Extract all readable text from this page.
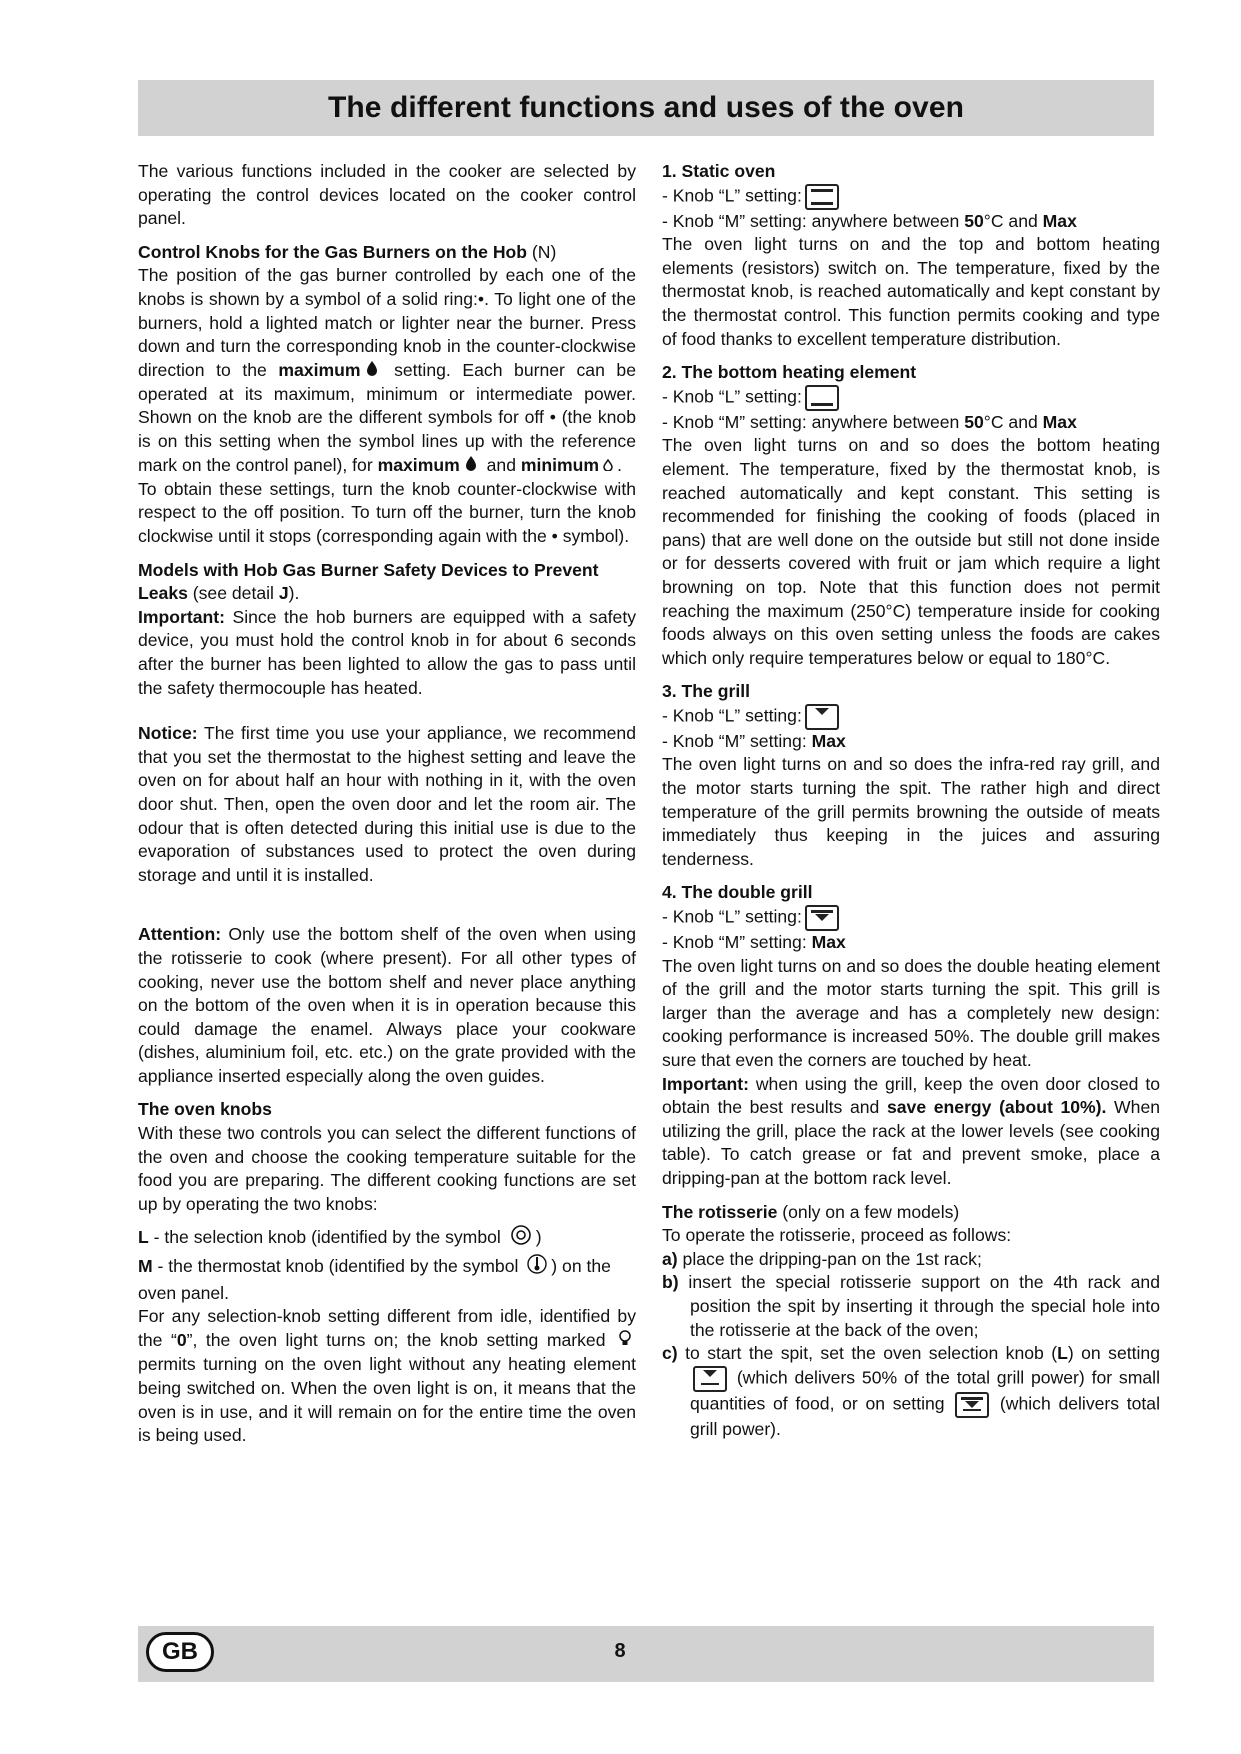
The different functions and uses of the oven

The various functions included in the cooker are selected by operating the control devices located on the cooker control panel.

Control Knobs for the Gas Burners on the Hob (N)

The position of the gas burner controlled by each one of the knobs is shown by a symbol of a solid ring:•. To light one of the burners, hold a lighted match or lighter near the burner. Press down and turn the corresponding knob in the counter-clockwise direction to the maximum setting. Each burner can be operated at its maximum, minimum or intermediate power. Shown on the knob are the different symbols for off • (the knob is on this setting when the symbol lines up with the reference mark on the control panel), for maximum and minimum .

To obtain these settings, turn the knob counter-clockwise with respect to the off position. To turn off the burner, turn the knob clockwise until it stops (corresponding again with the • symbol).

Models with Hob Gas Burner Safety Devices to Prevent Leaks (see detail J).

Important: Since the hob burners are equipped with a safety device, you must hold the control knob in for about 6 seconds after the burner has been lighted to allow the gas to pass until the safety thermocouple has heated.

Notice: The first time you use your appliance, we recommend that you set the thermostat to the highest setting and leave the oven on for about half an hour with nothing in it, with the oven door shut. Then, open the oven door and let the room air. The odour that is often detected during this initial use is due to the evaporation of substances used to protect the oven during storage and until it is installed.

Attention: Only use the bottom shelf of the oven when using the rotisserie to cook (where present). For all other types of cooking, never use the bottom shelf and never place anything on the bottom of the oven when it is in operation because this could damage the enamel. Always place your cookware (dishes, aluminium foil, etc. etc.) on the grate provided with the appliance inserted especially along the oven guides.

The oven knobs

With these two controls you can select the different functions of the oven and choose the cooking temperature suitable for the food you are preparing. The different cooking functions are set up by operating the two knobs:

L - the selection knob (identified by the symbol )

M - the thermostat knob (identified by the symbol ) on the oven panel.

For any selection-knob setting different from idle, identified by the “0”, the oven light turns on; the knob setting marked  permits turning on the oven light without any heating element being switched on. When the oven light is on, it means that the oven is in use, and it will remain on for the entire time the oven is being used.

1. Static oven

- Knob “L” setting:

- Knob “M” setting: anywhere between 50°C and Max

The oven light turns on and the top and bottom heating elements (resistors) switch on. The temperature, fixed by the thermostat knob, is reached automatically and kept constant by the thermostat control. This function permits cooking and type of food thanks to excellent temperature distribution.

2. The bottom heating element

- Knob “L” setting:

- Knob “M” setting: anywhere between 50°C and Max

The oven light turns on and so does the bottom heating element. The temperature, fixed by the thermostat knob, is reached automatically and kept constant. This setting is recommended for finishing the cooking of foods (placed in pans) that are well done on the outside but still not done inside or for desserts covered with fruit or jam which require a light browning on top. Note that this function does not permit reaching the maximum (250°C) temperature inside for cooking foods always on this oven setting unless the foods are cakes which only require temperatures below or equal to 180°C.

3. The grill

- Knob “L” setting:

- Knob “M” setting: Max

The oven light turns on and so does the infra-red ray grill, and the motor starts turning the spit. The rather high and direct temperature of the grill permits browning the outside of meats immediately thus keeping in the juices and assuring tenderness.

4. The double grill

- Knob “L” setting:

- Knob “M” setting: Max

The oven light turns on and so does the double heating element of the grill and the motor starts turning the spit. This grill is larger than the average and has a completely new design: cooking performance is increased 50%. The double grill makes sure that even the corners are touched by heat.

Important: when using the grill, keep the oven door closed to obtain the best results and save energy (about 10%). When utilizing the grill, place the rack at the lower levels (see cooking table). To catch grease or fat and prevent smoke, place a dripping-pan at the bottom rack level.

The rotisserie (only on a few models)

To operate the rotisserie, proceed as follows:

a) place the dripping-pan on the 1st rack;

b) insert the special rotisserie support on the 4th rack and position the spit by inserting it through the special hole into the rotisserie at the back of the oven;

c) to start the spit, set the oven selection knob (L) on setting
(which delivers 50% of the total grill power) for small quantities of food, or on setting
(which delivers total grill power).

GB	8
